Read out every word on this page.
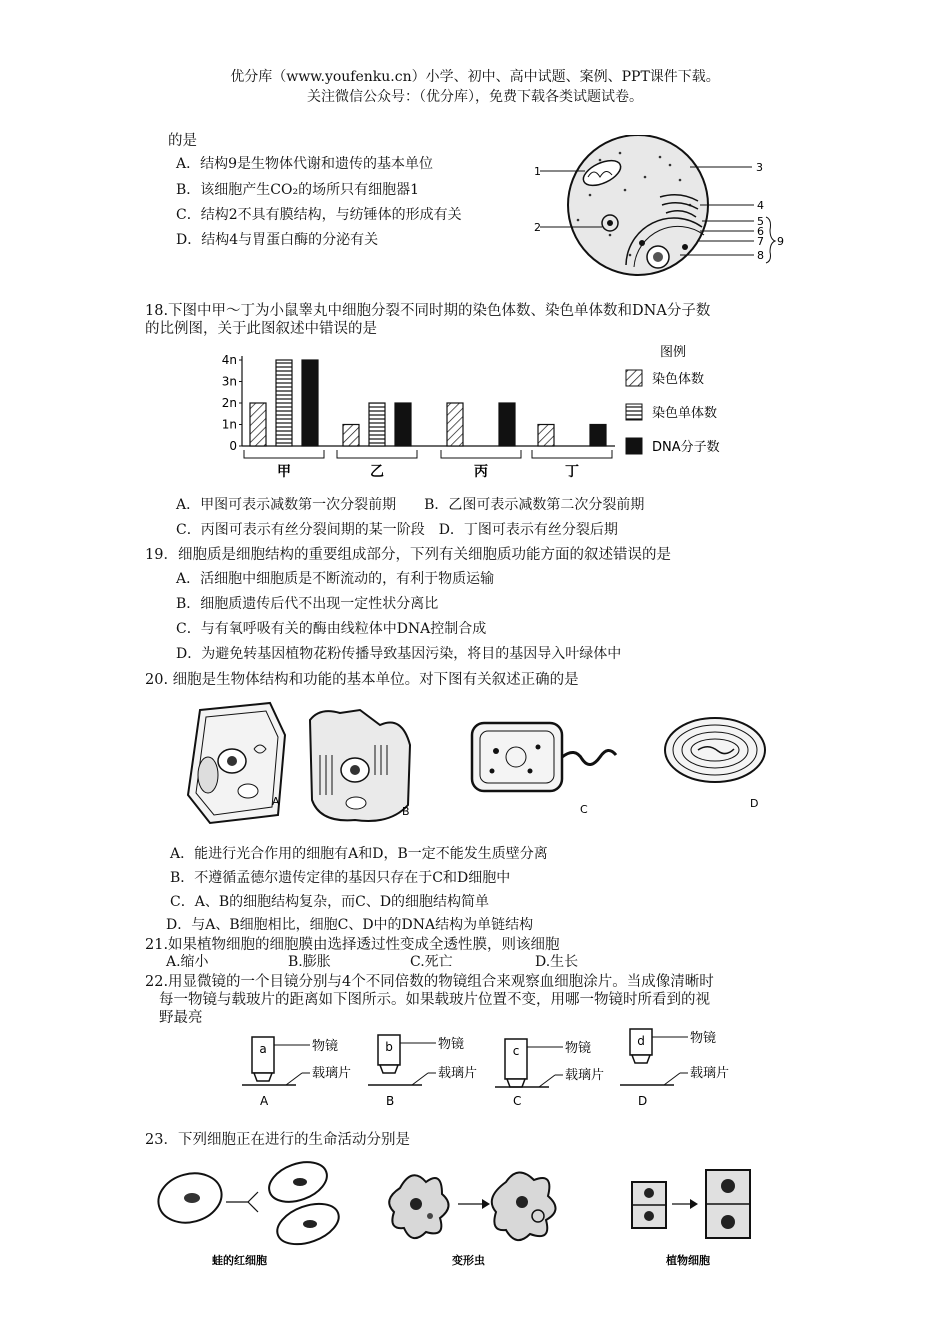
优分库（www.youfenku.cn）小学、初中、高中试题、案例、PPT课件下载。
关注微信公众号：（优分库），免费下载各类试题试卷。
的是
A．结构9是生物体代谢和遗传的基本单位
B．该细胞产生CO₂的场所只有细胞器1
C．结构2不具有膜结构，与纺锤体的形成有关
D．结构4与胃蛋白酶的分泌有关
1
2
3
4
5
6
7
8
9
18.下图中甲～丁为小鼠睾丸中细胞分裂不同时期的染色体数、染色单体数和DNA分子数
的比例图，关于此图叙述中错误的是
0
1n
2n
3n
4n
甲	乙	丙	丁
图例
染色体数
染色单体数
DNA分子数
A．甲图可表示减数第一次分裂前期　　B．乙图可表示减数第二次分裂前期
C．丙图可表示有丝分裂间期的某一阶段　D．丁图可表示有丝分裂后期
19．细胞质是细胞结构的重要组成部分，下列有关细胞质功能方面的叙述错误的是
A．活细胞中细胞质是不断流动的，有利于物质运输
B．细胞质遗传后代不出现一定性状分离比
C．与有氧呼吸有关的酶由线粒体中DNA控制合成
D．为避免转基因植物花粉传播导致基因污染，将目的基因导入叶绿体中
20. 细胞是生物体结构和功能的基本单位。对下图有关叙述正确的是
A
B	C	D
A．能进行光合作用的细胞有A和D，B一定不能发生质壁分离
B．不遵循孟德尔遗传定律的基因只存在于C和D细胞中
C．A、B的细胞结构复杂，而C、D的细胞结构简单
D．与A、B细胞相比，细胞C、D中的DNA结构为单链结构
21.如果植物细胞的细胞膜由选择透过性变成全透性膜，则该细胞
A.缩小	B.膨胀	C.死亡	D.生长
22.用显微镜的一个目镜分别与4个不同倍数的物镜组合来观察血细胞涂片。当成像清晰时
每一物镜与载玻片的距离如下图所示。如果载玻片位置不变，用哪一物镜时所看到的视
野最亮
a	物镜
载璃片
A
b	物镜
载璃片
B
c	物镜
载璃片
C
d	物镜
载璃片
D
23．下列细胞正在进行的生命活动分别是
蛙的红细胞	变形虫	植物细胞
